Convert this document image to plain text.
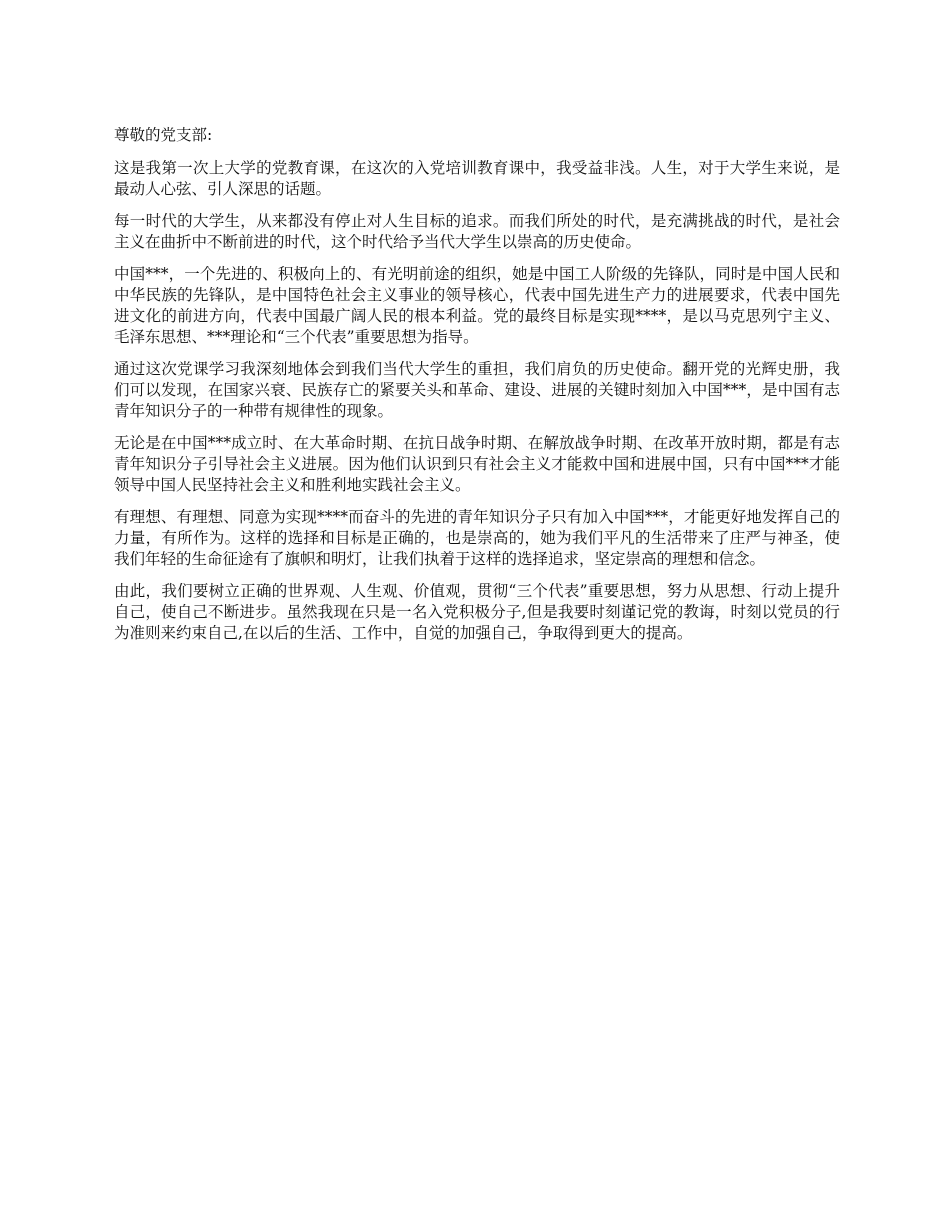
尊敬的党支部:

这是我第一次上大学的党教育课，在这次的入党培训教育课中，我受益非浅。人生，对于大学生来说，是最动人心弦、引人深思的话题。

每一时代的大学生，从来都没有停止对人生目标的追求。而我们所处的时代，是充满挑战的时代，是社会主义在曲折中不断前进的时代，这个时代给予当代大学生以崇高的历史使命。

中国***，一个先进的、积极向上的、有光明前途的组织，她是中国工人阶级的先锋队，同时是中国人民和中华民族的先锋队，是中国特色社会主义事业的领导核心，代表中国先进生产力的进展要求，代表中国先进文化的前进方向，代表中国最广阔人民的根本利益。党的最终目标是实现****，是以马克思列宁主义、毛泽东思想、***理论和“三个代表”重要思想为指导。

通过这次党课学习我深刻地体会到我们当代大学生的重担，我们肩负的历史使命。翻开党的光辉史册，我们可以发现，在国家兴衰、民族存亡的紧要关头和革命、建设、进展的关键时刻加入中国***，是中国有志青年知识分子的一种带有规律性的现象。

无论是在中国***成立时、在大革命时期、在抗日战争时期、在解放战争时期、在改革开放时期，都是有志青年知识分子引导社会主义进展。因为他们认识到只有社会主义才能救中国和进展中国，只有中国***才能领导中国人民坚持社会主义和胜利地实践社会主义。

有理想、有理想、同意为实现****而奋斗的先进的青年知识分子只有加入中国***，才能更好地发挥自己的力量，有所作为。这样的选择和目标是正确的，也是崇高的，她为我们平凡的生活带来了庄严与神圣，使我们年轻的生命征途有了旗帜和明灯，让我们执着于这样的选择追求，坚定崇高的理想和信念。

由此，我们要树立正确的世界观、人生观、价值观，贯彻“三个代表”重要思想，努力从思想、行动上提升自己，使自己不断进步。虽然我现在只是一名入党积极分子,但是我要时刻谨记党的教诲，时刻以党员的行为准则来约束自己,在以后的生活、工作中，自觉的加强自己，争取得到更大的提高。
